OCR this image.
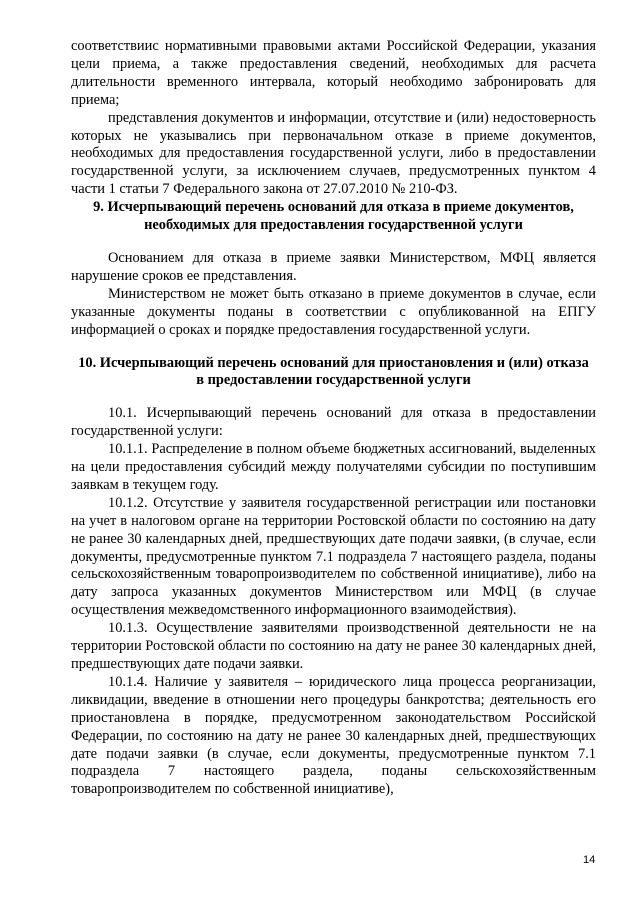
соответствиис нормативными правовыми актами Российской Федерации, указания цели приема, а также предоставления сведений, необходимых для расчета длительности временного интервала, который необходимо забронировать для приема;

представления документов и информации, отсутствие и (или) недостоверность которых не указывались при первоначальном отказе в приеме документов, необходимых для предоставления государственной услуги, либо в предоставлении государственной услуги, за исключением случаев, предусмотренных пунктом 4 части 1 статьи 7 Федерального закона от 27.07.2010 № 210-ФЗ.

9. Исчерпывающий перечень оснований для отказа в приеме документов, необходимых для предоставления государственной услуги

Основанием для отказа в приеме заявки Министерством, МФЦ является нарушение сроков ее представления.

Министерством не может быть отказано в приеме документов в случае, если указанные документы поданы в соответствии с опубликованной на ЕПГУ информацией о сроках и порядке предоставления государственной услуги.

10. Исчерпывающий перечень оснований для приостановления и (или) отказа в предоставлении государственной услуги

10.1. Исчерпывающий перечень оснований для отказа в предоставлении государственной услуги:

10.1.1. Распределение в полном объеме бюджетных ассигнований, выделенных на цели предоставления субсидий между получателями субсидии по поступившим заявкам в текущем году.

10.1.2. Отсутствие у заявителя государственной регистрации или постановки на учет в налоговом органе на территории Ростовской области по состоянию на дату не ранее 30 календарных дней, предшествующих дате подачи заявки, (в случае, если документы, предусмотренные пунктом 7.1 подраздела 7 настоящего раздела, поданы сельскохозяйственным товаропроизводителем по собственной инициативе), либо на дату запроса указанных документов Министерством или МФЦ (в случае осуществления межведомственного информационного взаимодействия).

10.1.3. Осуществление заявителями производственной деятельности не на территории Ростовской области по состоянию на дату не ранее 30 календарных дней, предшествующих дате подачи заявки.

10.1.4. Наличие у заявителя – юридического лица процесса реорганизации, ликвидации, введение в отношении него процедуры банкротства; деятельность его приостановлена в порядке, предусмотренном законодательством Российской Федерации, по состоянию на дату не ранее 30 календарных дней, предшествующих дате подачи заявки (в случае, если документы, предусмотренные пунктом 7.1 подраздела 7 настоящего раздела, поданы сельскохозяйственным товаропроизводителем по собственной инициативе),

14
